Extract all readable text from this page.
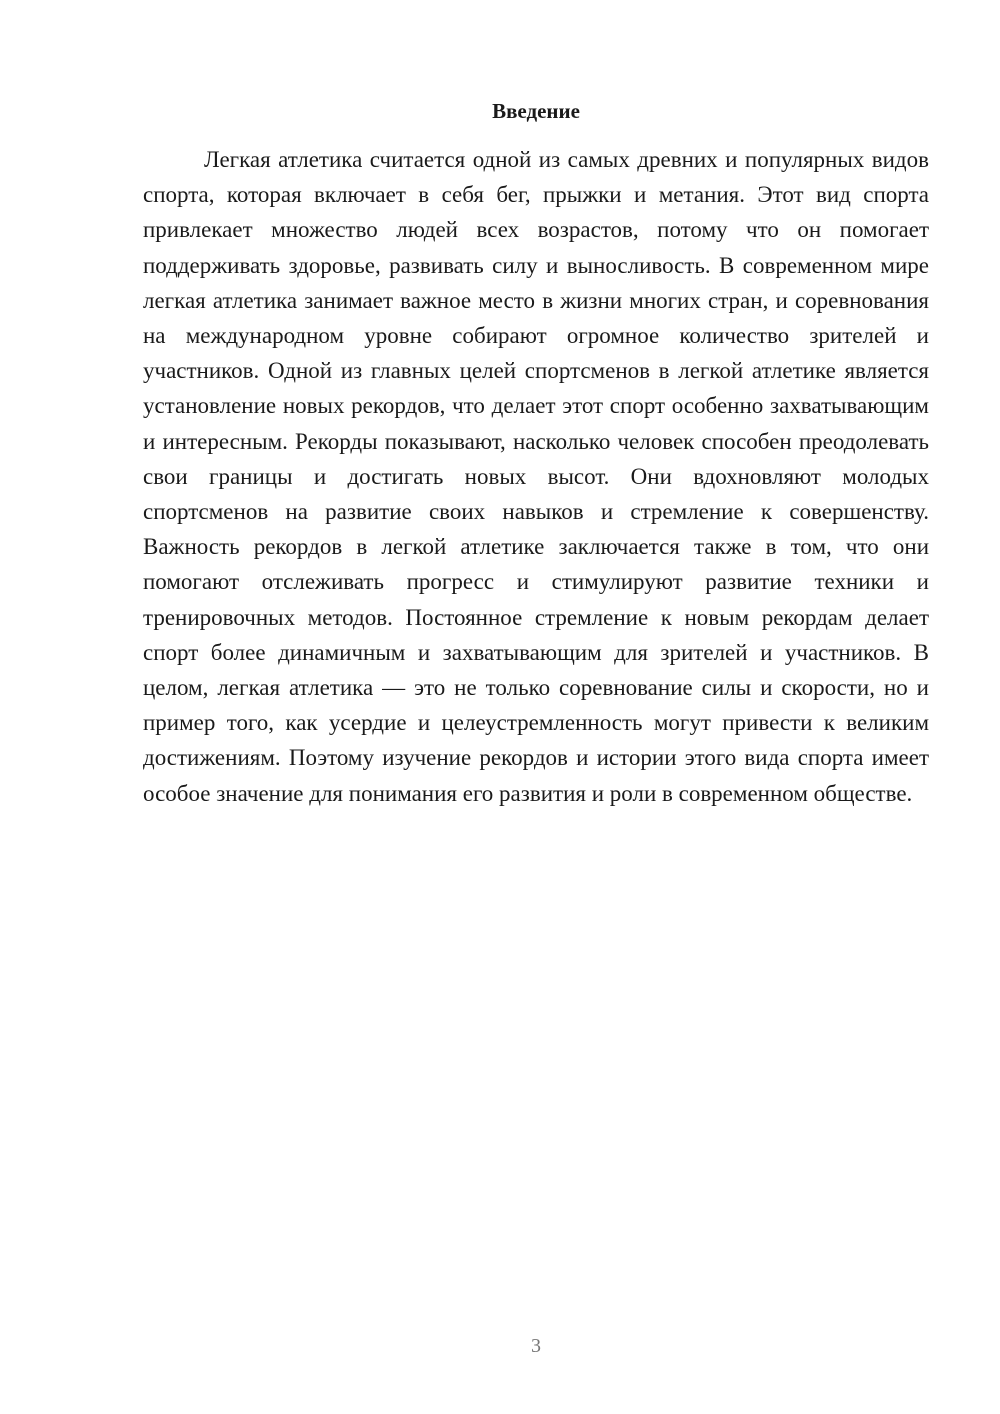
Введение

Легкая атлетика считается одной из самых древних и популярных видов спорта, которая включает в себя бег, прыжки и метания. Этот вид спорта привлекает множество людей всех возрастов, потому что он помогает поддерживать здоровье, развивать силу и выносливость. В современном мире легкая атлетика занимает важное место в жизни многих стран, и соревнования на международном уровне собирают огромное количество зрителей и участников. Одной из главных целей спортсменов в легкой атлетике является установление новых рекордов, что делает этот спорт особенно захватывающим и интересным. Рекорды показывают, насколько человек способен преодолевать свои границы и достигать новых высот. Они вдохновляют молодых спортсменов на развитие своих навыков и стремление к совершенству. Важность рекордов в легкой атлетике заключается также в том, что они помогают отслеживать прогресс и стимулируют развитие техники и тренировочных методов. Постоянное стремление к новым рекордам делает спорт более динамичным и захватывающим для зрителей и участников. В целом, легкая атлетика — это не только соревнование силы и скорости, но и пример того, как усердие и целеустремленность могут привести к великим достижениям. Поэтому изучение рекордов и истории этого вида спорта имеет особое значение для понимания его развития и роли в современном обществе.

3
